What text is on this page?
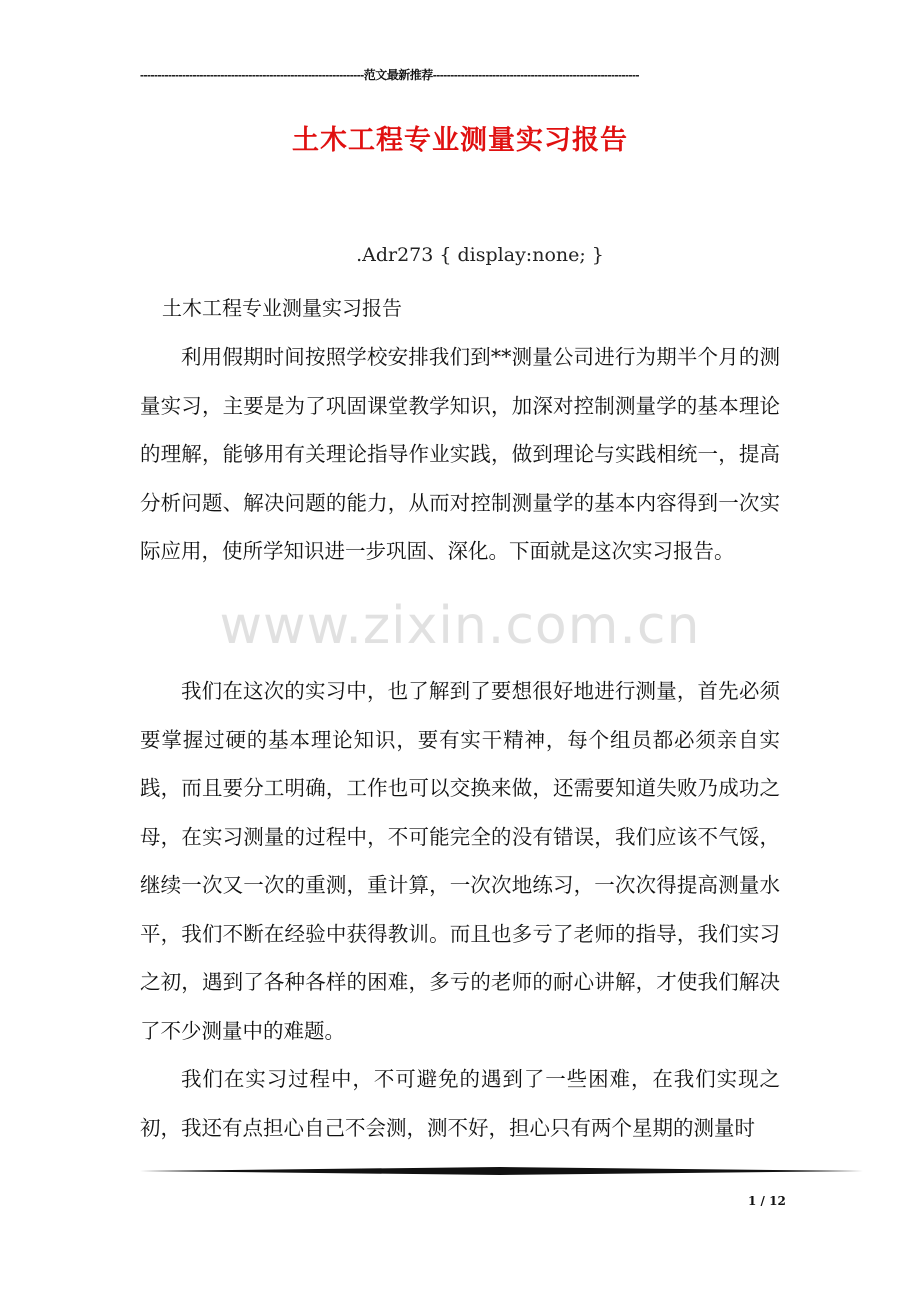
----------------------------------------------------------------范文最新推荐-----------------------------------------------------------
土木工程专业测量实习报告
.Adr273 { display:none; }
土木工程专业测量实习报告

利用假期时间按照学校安排我们到**测量公司进行为期半个月的测量实习，主要是为了巩固课堂教学知识，加深对控制测量学的基本理论的理解，能够用有关理论指导作业实践，做到理论与实践相统一，提高分析问题、解决问题的能力，从而对控制测量学的基本内容得到一次实际应用，使所学知识进一步巩固、深化。下面就是这次实习报告。

www.zixin.com.cn

我们在这次的实习中，也了解到了要想很好地进行测量，首先必须要掌握过硬的基本理论知识，要有实干精神，每个组员都必须亲自实践，而且要分工明确，工作也可以交换来做，还需要知道失败乃成功之母，在实习测量的过程中，不可能完全的没有错误，我们应该不气馁，继续一次又一次的重测，重计算，一次次地练习，一次次得提高测量水平，我们不断在经验中获得教训。而且也多亏了老师的指导，我们实习之初，遇到了各种各样的困难，多亏的老师的耐心讲解，才使我们解决了不少测量中的难题。

我们在实习过程中，不可避免的遇到了一些困难，在我们实现之初，我还有点担心自己不会测，测不好，担心只有两个星期的测量时

1 / 12
